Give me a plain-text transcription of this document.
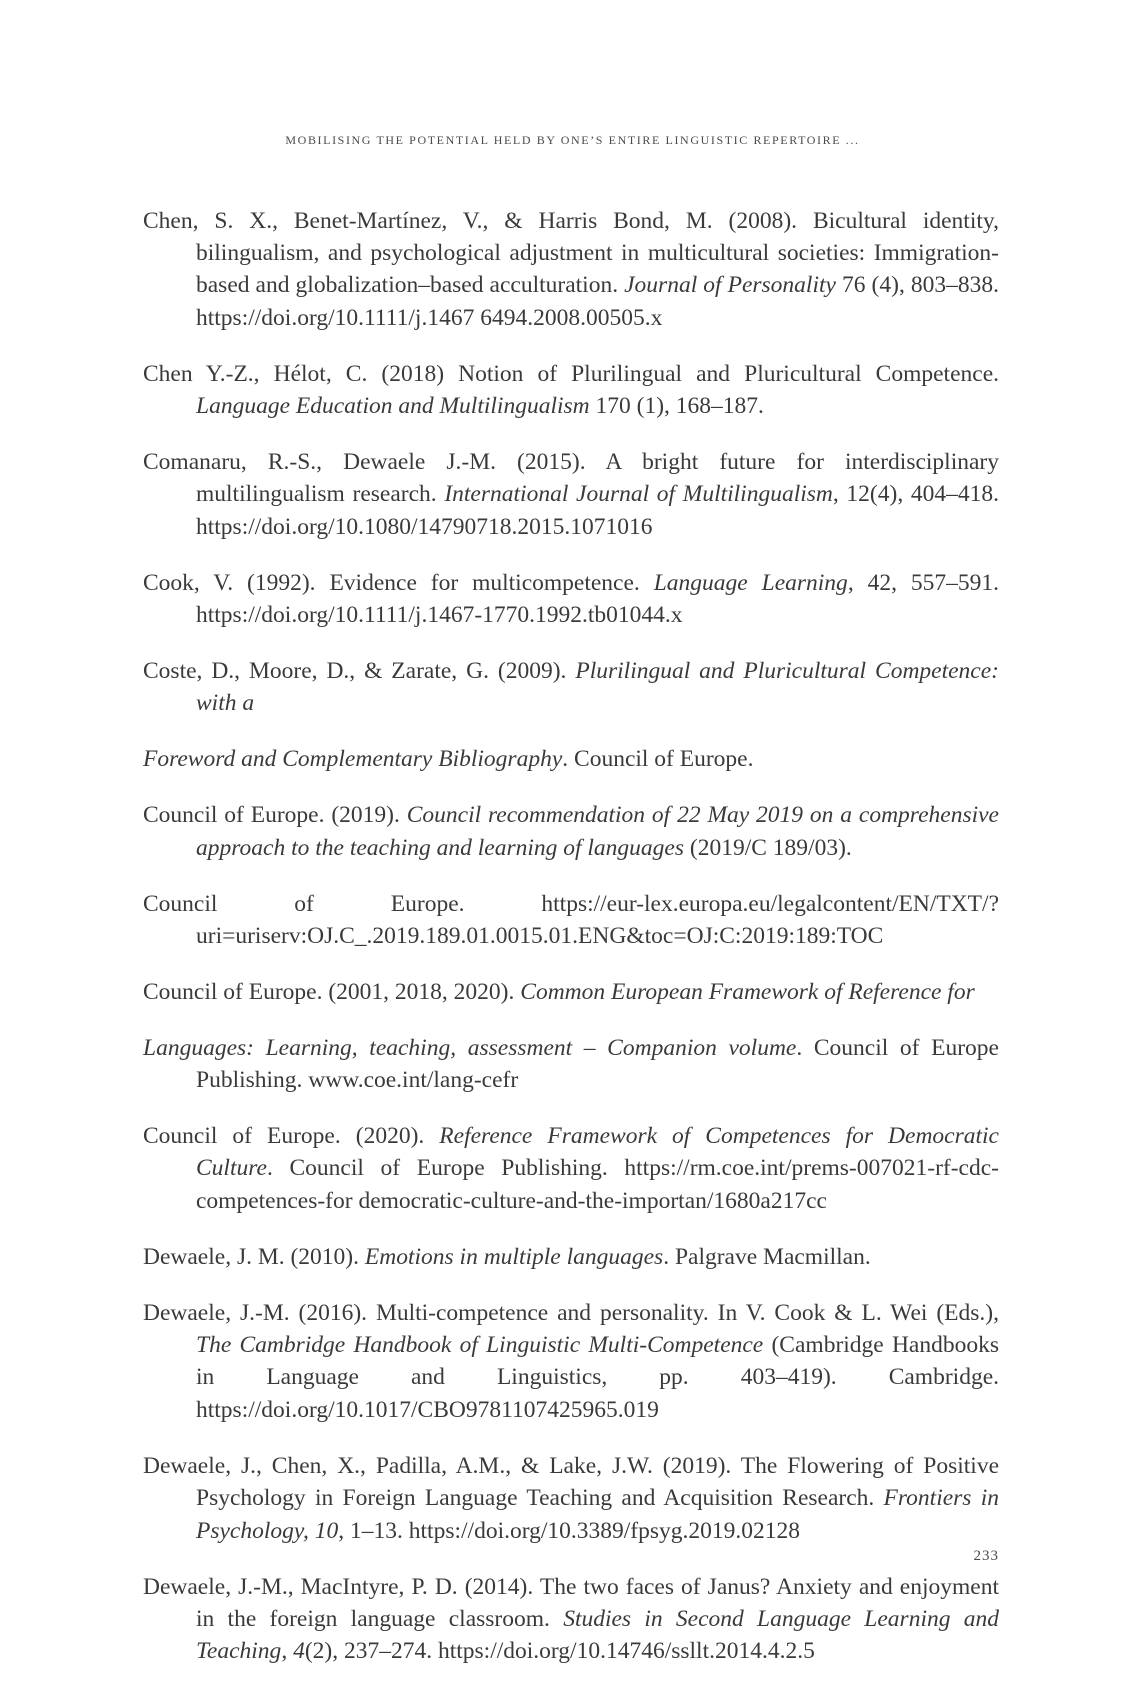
MOBILISING THE POTENTIAL HELD BY ONE’S ENTIRE LINGUISTIC REPERTOIRE ...

Chen, S. X., Benet-Martínez, V., & Harris Bond, M. (2008). Bicultural identity, bilingualism, and psychological adjustment in multicultural societies: Immigration-based and globalization–based acculturation. Journal of Personality 76 (4), 803–838. https://doi.org/10.1111/j.1467 6494.2008.00505.x

Chen Y.-Z., Hélot, C. (2018) Notion of Plurilingual and Pluricultural Competence. Language Education and Multilingualism 170 (1), 168–187.

Comanaru, R.-S., Dewaele J.-M. (2015). A bright future for interdisciplinary multilingualism research. International Journal of Multilingualism, 12(4), 404–418. https://doi.org/10.1080/14790718.2015.1071016

Cook, V. (1992). Evidence for multicompetence. Language Learning, 42, 557–591. https://doi.org/10.1111/j.1467-1770.1992.tb01044.x

Coste, D., Moore, D., & Zarate, G. (2009). Plurilingual and Pluricultural Competence: with a

Foreword and Complementary Bibliography. Council of Europe.

Council of Europe. (2019). Council recommendation of 22 May 2019 on a comprehensive approach to the teaching and learning of languages (2019/C 189/03).

Council of Europe. https://eur-lex.europa.eu/legalcontent/EN/TXT/?uri=uriserv:OJ.C_.2019.189.01.0015.01.ENG&toc=OJ:C:2019:189:TOC

Council of Europe. (2001, 2018, 2020). Common European Framework of Reference for

Languages: Learning, teaching, assessment – Companion volume. Council of Europe Publishing. www.coe.int/lang-cefr

Council of Europe. (2020). Reference Framework of Competences for Democratic Culture. Council of Europe Publishing. https://rm.coe.int/prems-007021-rf-cdc-competences-for democratic-culture-and-the-importan/1680a217cc

Dewaele, J. M. (2010). Emotions in multiple languages. Palgrave Macmillan.

Dewaele, J.-M. (2016). Multi-competence and personality. In V. Cook & L. Wei (Eds.), The Cambridge Handbook of Linguistic Multi-Competence (Cambridge Handbooks in Language and Linguistics, pp. 403–419). Cambridge. https://doi.org/10.1017/CBO9781107425965.019

Dewaele, J., Chen, X., Padilla, A.M., & Lake, J.W. (2019). The Flowering of Positive Psychology in Foreign Language Teaching and Acquisition Research. Frontiers in Psychology, 10, 1–13. https://doi.org/10.3389/fpsyg.2019.02128

Dewaele, J.-M., MacIntyre, P. D. (2014). The two faces of Janus? Anxiety and enjoyment in the foreign language classroom. Studies in Second Language Learning and Teaching, 4(2), 237–274. https://doi.org/10.14746/ssllt.2014.4.2.5

233
